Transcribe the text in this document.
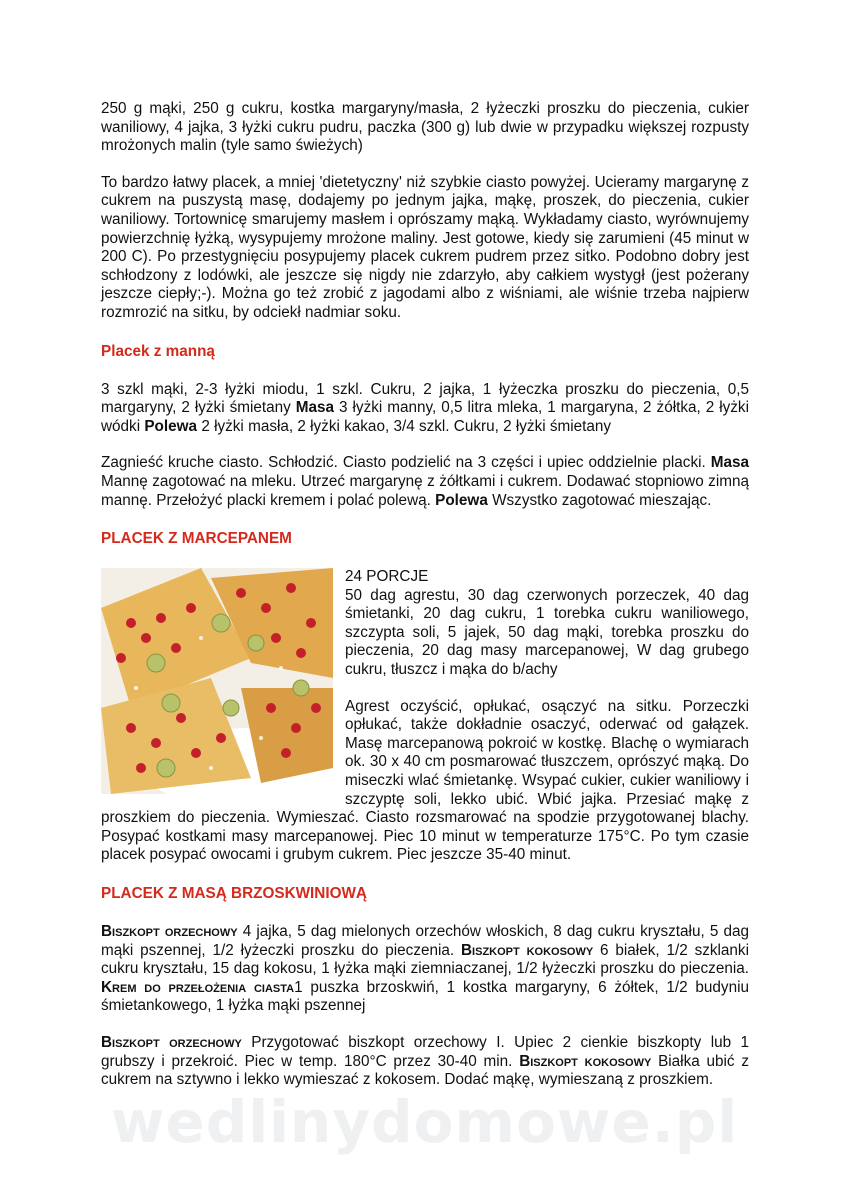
wedlinydomowe.pl

250 g mąki, 250 g cukru, kostka margaryny/masła, 2 łyżeczki proszku do pieczenia, cukier waniliowy, 4 jajka, 3 łyżki cukru pudru, paczka (300 g) lub dwie w przypadku większej rozpusty mrożonych malin (tyle samo świeżych)

To bardzo łatwy placek, a mniej 'dietetyczny' niż szybkie ciasto powyżej. Ucieramy margarynę z cukrem na puszystą masę, dodajemy po jednym jajka, mąkę, proszek, do pieczenia, cukier waniliowy. Tortownicę smarujemy masłem i oprószamy mąką. Wykładamy ciasto, wyrównujemy powierzchnię łyżką, wysypujemy mrożone maliny. Jest gotowe, kiedy się zarumieni (45 minut w 200 C). Po przestygnięciu posypujemy placek cukrem pudrem przez sitko. Podobno dobry jest schłodzony z lodówki, ale jeszcze się nigdy nie zdarzyło, aby całkiem wystygł (jest pożerany jeszcze ciepły;-). Można go też zrobić z jagodami albo z wiśniami, ale wiśnie trzeba najpierw rozmrozić na sitku, by odciekł nadmiar soku.

Placek z manną

3 szkl mąki, 2-3 łyżki miodu, 1 szkl. Cukru, 2 jajka, 1 łyżeczka proszku do pieczenia, 0,5 margaryny, 2 łyżki śmietany Masa 3 łyżki manny, 0,5 litra mleka, 1 margaryna, 2 żółtka, 2 łyżki wódki Polewa 2 łyżki masła, 2 łyżki kakao, 3/4 szkl. Cukru, 2 łyżki śmietany

Zagnieść kruche ciasto. Schłodzić. Ciasto podzielić na 3 części i upiec oddzielnie placki. Masa Mannę zagotować na mleku. Utrzeć margarynę z żółtkami i cukrem. Dodawać stopniowo zimną mannę. Przełożyć placki kremem i polać polewą. Polewa Wszystko zagotować mieszając.

PLACEK Z MARCEPANEM

24 PORCJE

50 dag agrestu, 30 dag czerwonych porzeczek, 40 dag śmietanki, 20 dag cukru, 1 torebka cukru waniliowego, szczypta soli, 5 jajek, 50 dag mąki, torebka proszku do pieczenia, 20 dag masy marcepanowej, W dag grubego cukru, tłuszcz i mąka do b/achy

Agrest oczyścić, opłukać, osączyć na sitku. Porzeczki opłukać, także dokładnie osaczyć, oderwać od gałązek. Masę marcepanową pokroić w kostkę. Blachę o wymiarach ok. 30 x 40 cm posmarować tłuszczem, oprószyć mąką. Do miseczki wlać śmietankę. Wsypać cukier, cukier waniliowy i szczyptę soli, lekko ubić. Wbić jajka. Przesiać mąkę z proszkiem do pieczenia. Wymieszać. Ciasto rozsmarować na spodzie przygotowanej blachy. Posypać kostkami masy marcepanowej. Piec 10 minut w temperaturze 175°C. Po tym czasie placek posypać owocami i grubym cukrem. Piec jeszcze 35-40 minut.

PLACEK Z MASĄ BRZOSKWINIOWĄ

Biszkopt orzechowy 4 jajka, 5 dag mielonych orzechów włoskich, 8 dag cukru kryształu, 5 dag mąki pszennej, 1/2 łyżeczki proszku do pieczenia. Biszkopt kokosowy 6 białek, 1/2 szklanki cukru kryształu, 15 dag kokosu, 1 łyżka mąki ziemniaczanej, 1/2 łyżeczki proszku do pieczenia. Krem do przełożenia ciasta1 puszka brzoskwiń, 1 kostka margaryny, 6 żółtek, 1/2 budyniu śmietankowego, 1 łyżka mąki pszennej

Biszkopt orzechowy Przygotować biszkopt orzechowy I. Upiec 2 cienkie biszkopty lub 1 grubszy i przekroić. Piec w temp. 180°C przez 30-40 min. Biszkopt kokosowy Białka ubić z cukrem na sztywno i lekko wymieszać z kokosem. Dodać mąkę, wymieszaną z proszkiem.
